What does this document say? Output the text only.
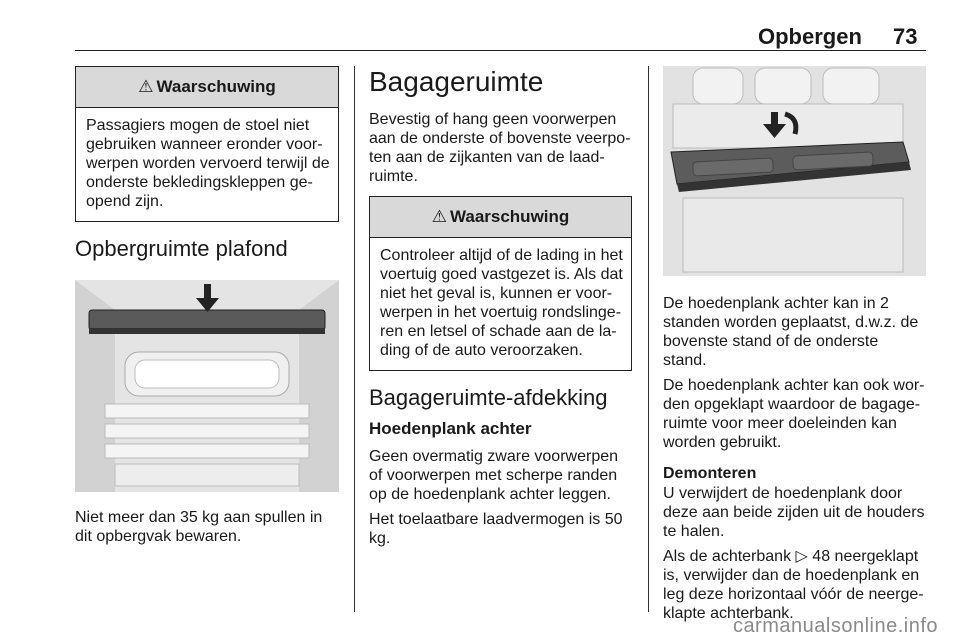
Opbergen 73
⚠ Waarschuwing
Passagiers mogen de stoel niet gebruiken wanneer eronder voor-werpen worden vervoerd terwijl de onderste bekledingskleppen ge-opend zijn.
Opbergruimte plafond

Niet meer dan 35 kg aan spullen in dit opbergvak bewaren.

Bagageruimte

Bevestig of hang geen voorwerpen aan de onderste of bovenste veerpo-ten aan de zijkanten van de laad-ruimte.

⚠ Waarschuwing
Controleer altijd of de lading in het voertuig goed vastgezet is. Als dat niet het geval is, kunnen er voor-werpen in het voertuig rondslinge-ren en letsel of schade aan de la-ding of de auto veroorzaken.
Bagageruimte-afdekking
Hoedenplank achter

Geen overmatig zware voorwerpen of voorwerpen met scherpe randen op de hoedenplank achter leggen.

Het toelaatbare laadvermogen is 50 kg.

De hoedenplank achter kan in 2 standen worden geplaatst, d.w.z. de bovenste stand of de onderste stand.

De hoedenplank achter kan ook wor-den opgeklapt waardoor de bagage-ruimte voor meer doeleinden kan worden gebruikt.

Demonteren

U verwijdert de hoedenplank door deze aan beide zijden uit de houders te halen.

Als de achterbank ▷ 48 neergeklapt is, verwijder dan de hoedenplank en leg deze horizontaal vóór de neerge-klapte achterbank.

carmanualsonline.info
